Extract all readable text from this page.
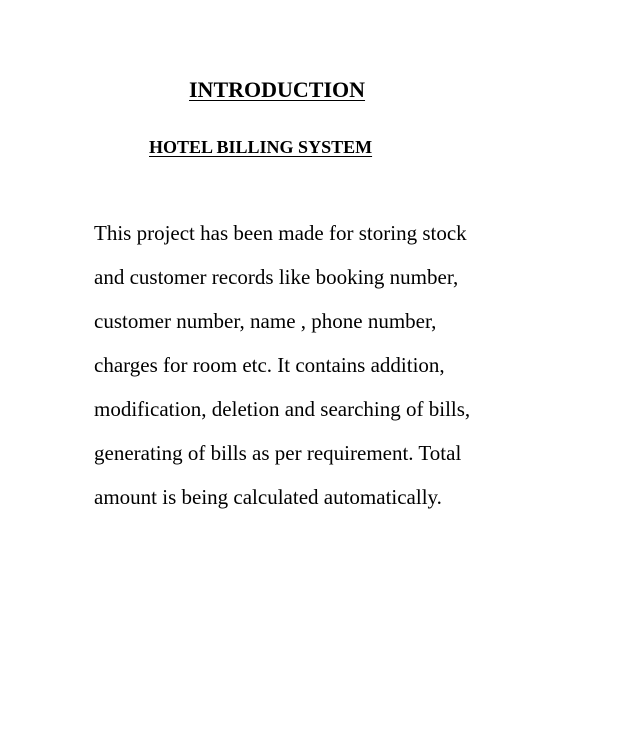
INTRODUCTION
HOTEL BILLING SYSTEM
This project has been made for storing stock
and customer records like booking number,
customer number, name , phone number,
charges for room etc. It contains addition,
modification, deletion and searching of bills,
generating of bills as per requirement. Total
amount is being calculated automatically.
